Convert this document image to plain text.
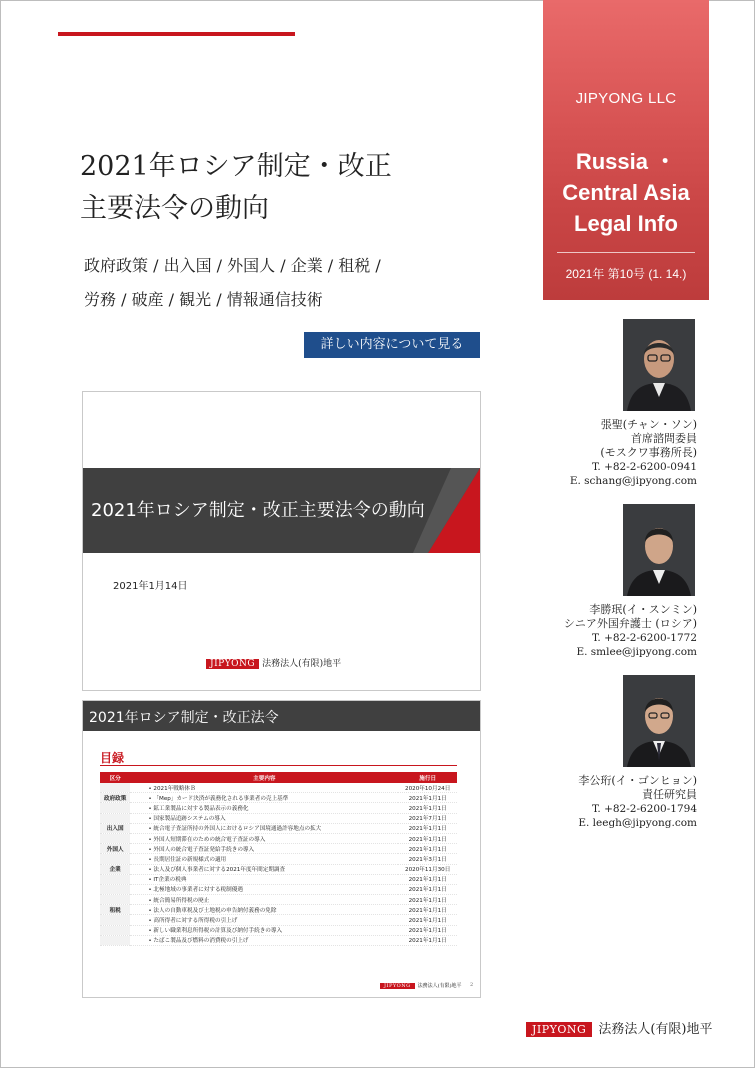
JIPYONG LLC
Russia ・
Central Asia
Legal Info
2021年 第10号 (1. 14.)
2021年ロシア制定・改正
主要法令の動向
政府政策 / 出入国 / 外国人 / 企業 / 租税 /
労務 / 破産 / 観光 / 情報通信技術
詳しい内容について見る
2021年ロシア制定・改正主要法令の動向
2021年1月14日
JIPYONG 法務法人(有限)地平
2021年ロシア制定・改正法令
目録
区分	主要内容	施行日
	• 2021年戦略体Ｂ	2020年10月24日
政府政策	• 「Mep」カード決済が義務化される事業者の売上基準	2021年1月1日
	• 鉱工業製品に対する製品表示の義務化	2021年1月1日
	• 国家製品追跡システムの導入	2021年7月1日
出入国	• 統合電子査証所持の外国人におけるロシア国境通過許容地点の拡大	2021年1月1日
	• 外国人短期滞在のための統合電子査証の導入	2021年1月1日
外国人	• 外国人の統合電子査証発給手続きの導入	2021年1月1日
	• 長期居住証の新規様式の適用	2021年3月1日
企業	• 法人及び個人事業者に対する2021年度年間定期調査	2020年11月30日
	• IT企業の税典	2021年1月1日
	• 北極地域の事業者に対する税制優遇	2021年1月1日
	• 統合簡易所得税の廃止	2021年1月1日
租税	• 法人の自動車税及び土地税の申告納付義務の免除	2021年1月1日
	• 高所得者に対する所得税の引上げ	2021年1月1日
	• 新しい職業利息所得税の計算及び納付手続きの導入	2021年1月1日
	• たばこ製品及び燃料の消費税の引上げ	2021年1月1日
JIPYONG 法務法人(有限)地平 2
張聖(チャン・ソン)
首席諮問委員
(モスクワ事務所長)
T. +82-2-6200-0941
E. schang@jipyong.com
李勝珉(イ・スンミン)
シニア外国弁護士 (ロシア)
T. +82-2-6200-1772
E. smlee@jipyong.com
李公珩(イ・ゴンヒョン)
責任研究員
T. +82-2-6200-1794
E. leegh@jipyong.com
JIPYONG 法務法人(有限)地平
